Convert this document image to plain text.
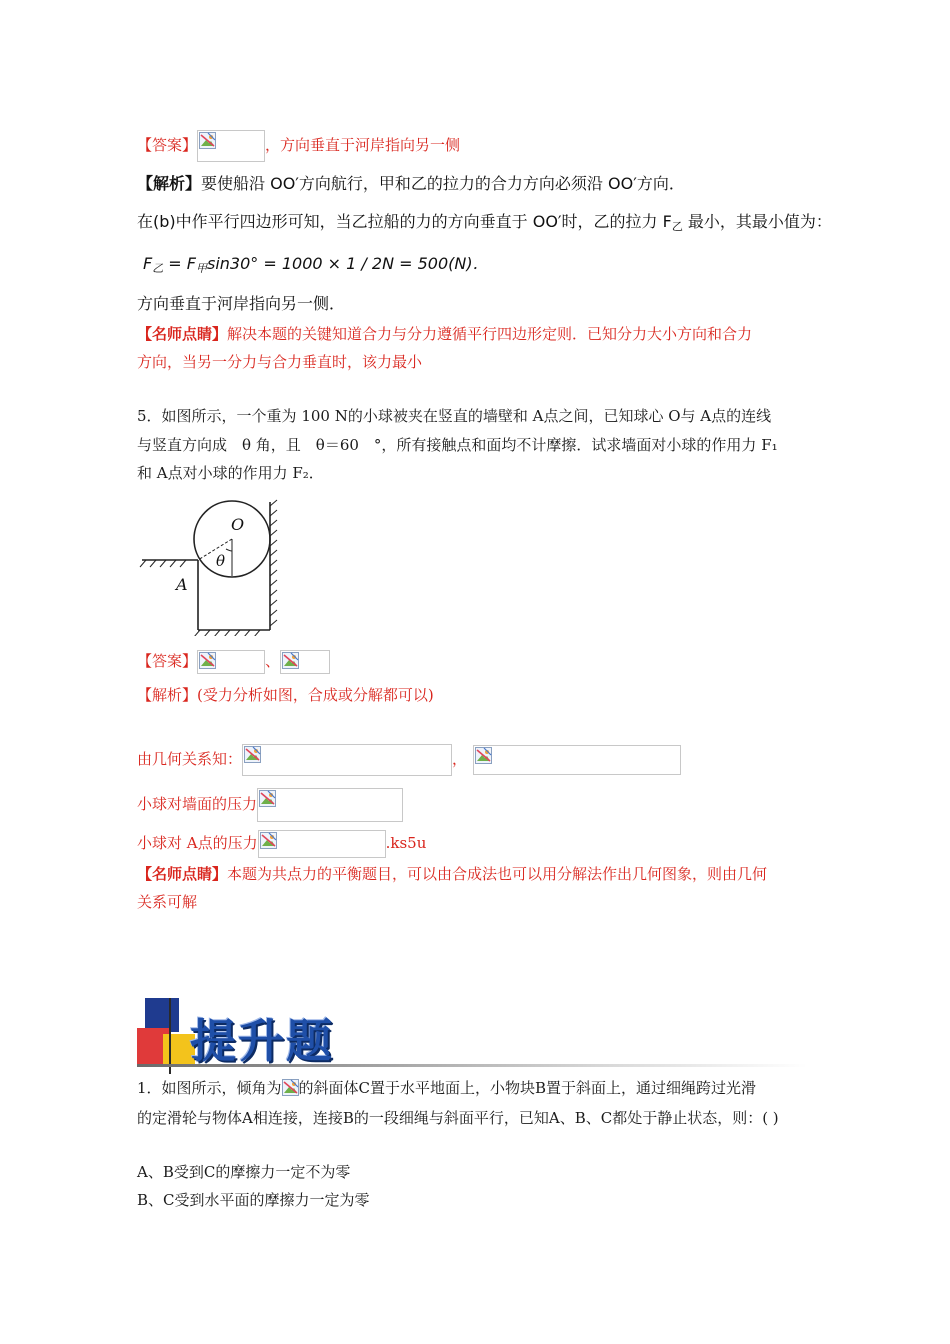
【答案】	，方向垂直于河岸指向另一侧
【解析】要使船沿 OO′方向航行，甲和乙的拉力的合力方向必须沿 OO′方向．
在(b)中作平行四边形可知，当乙拉船的力的方向垂直于 OO′时，乙的拉力 $F_乙$ 最小，其最小值为：
$F_乙 = F_甲\sin 30^\circ = 1000 \times 1 / 2N = 500(N)$．
方向垂直于河岸指向另一侧．
【名师点睛】解决本题的关键知道合力与分力遵循平行四边形定则．已知分力大小方向和合力
方向，当另一分力与合力垂直时，该力最小
5．如图所示，一个重为 100 N的小球被夹在竖直的墙壁和 A点之间，已知球心 O与 A点的连线
与竖直方向成　θ 角，且　θ＝60　°，所有接触点和面均不计摩擦．试求墙面对小球的作用力 F₁
和 A点对小球的作用力 F₂．
O
θ
A
【答案】	、
【解析】(受力分析如图，合成或分解都可以)
由几何关系知：	，
小球对墙面的压力
小球对 A点的压力	.ks5u
【名师点睛】本题为共点力的平衡题目，可以由合成法也可以用分解法作出几何图象，则由几何
关系可解
提升题
1．如图所示，倾角为 的斜面体C置于水平地面上，小物块B置于斜面上，通过细绳跨过光滑
的定滑轮与物体A相连接，连接B的一段细绳与斜面平行，已知A、B、C都处于静止状态，则：( )
A、B受到C的摩擦力一定不为零
B、C受到水平面的摩擦力一定为零
